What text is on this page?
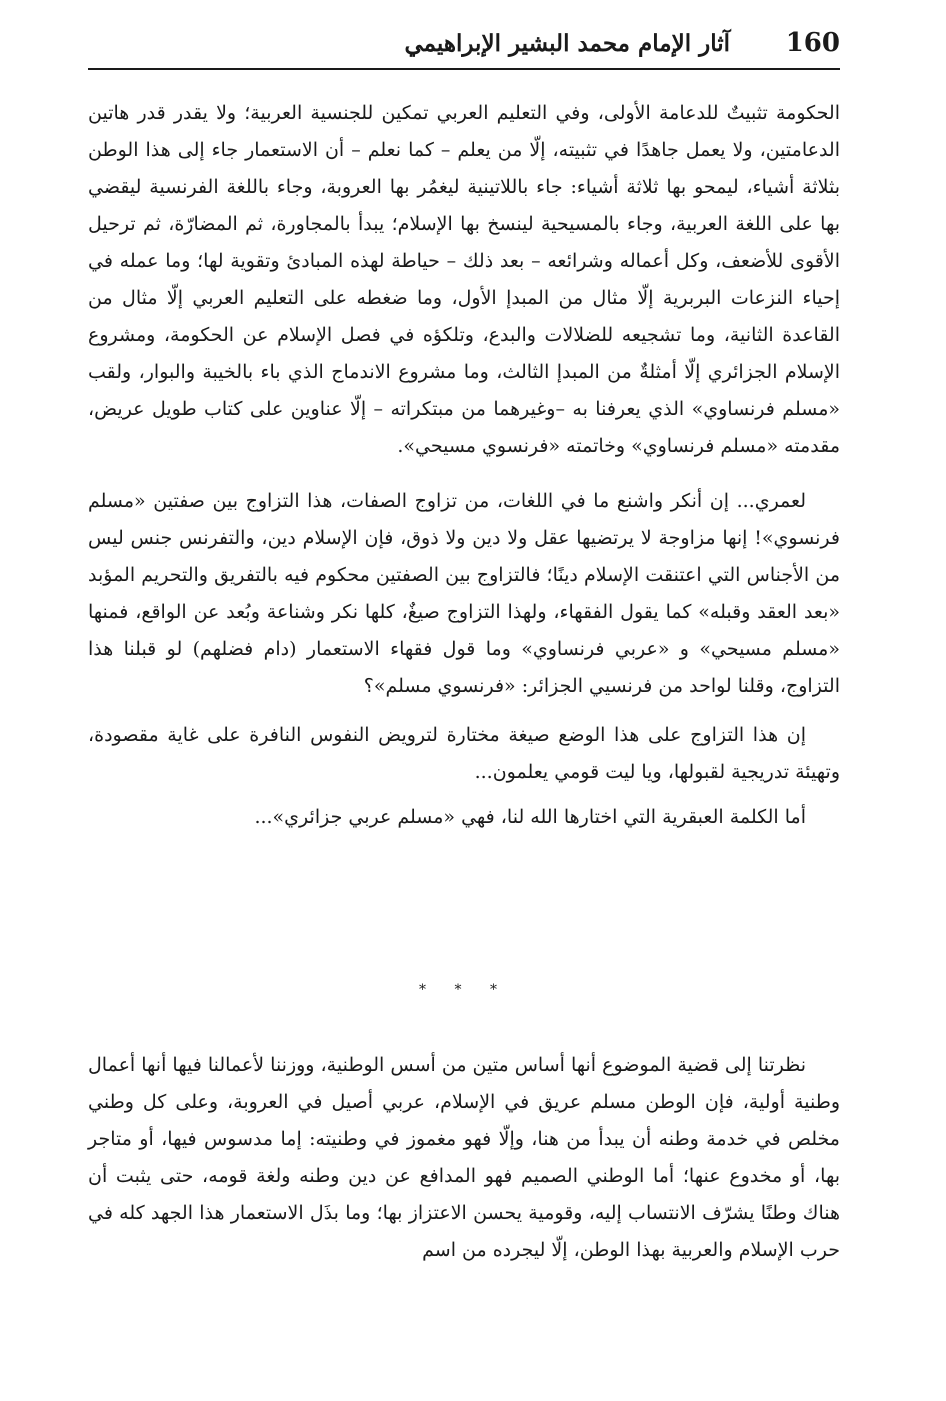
160
آثار الإمام محمد البشير الإبراهيمي

الحكومة تثبيتٌ للدعامة الأولى، وفي التعليم العربي تمكين للجنسية العربية؛ ولا يقدر قدر هاتين الدعامتين، ولا يعمل جاهدًا في تثبيته، إلّا من يعلم – كما نعلم – أن الاستعمار جاء إلى هذا الوطن بثلاثة أشياء، ليمحو بها ثلاثة أشياء: جاء باللاتينية ليغمُر بها العروبة، وجاء باللغة الفرنسية ليقضي بها على اللغة العربية، وجاء بالمسيحية لينسخ بها الإسلام؛ يبدأ بالمجاورة، ثم المضارّة، ثم ترحيل الأقوى للأضعف، وكل أعماله وشرائعه – بعد ذلك – حياطة لهذه المبادئ وتقوية لها؛ وما عمله في إحياء النزعات البربرية إلّا مثال من المبدإ الأول، وما ضغطه على التعليم العربي إلّا مثال من القاعدة الثانية، وما تشجيعه للضلالات والبدع، وتلكؤه في فصل الإسلام عن الحكومة، ومشروع الإسلام الجزائري إلّا أمثلةٌ من المبدإ الثالث، وما مشروع الاندماج الذي باء بالخيبة والبوار، ولقب «مسلم فرنساوي» الذي يعرفنا به –وغيرهما من مبتكراته – إلّا عناوين على كتاب طويل عريض، مقدمته «مسلم فرنساوي» وخاتمته «فرنسوي مسيحي».

لعمري... إن أنكر واشنع ما في اللغات، من تزاوج الصفات، هذا التزاوج بين صفتين «مسلم فرنسوي»! إنها مزاوجة لا يرتضيها عقل ولا دين ولا ذوق، فإن الإسلام دين، والتفرنس جنس ليس من الأجناس التي اعتنقت الإسلام دينًا؛ فالتزاوج بين الصفتين محكوم فيه بالتفريق والتحريم المؤبد «بعد العقد وقبله» كما يقول الفقهاء، ولهذا التزاوج صيغٌ، كلها نكر وشناعة وبُعد عن الواقع، فمنها «مسلم مسيحي» و «عربي فرنساوي» وما قول فقهاء الاستعمار (دام فضلهم) لو قبلنا هذا التزاوج، وقلنا لواحد من فرنسيي الجزائر: «فرنسوي مسلم»؟

إن هذا التزاوج على هذا الوضع صيغة مختارة لترويض النفوس النافرة على غاية مقصودة، وتهيئة تدريجية لقبولها، ويا ليت قومي يعلمون...

أما الكلمة العبقرية التي اختارها الله لنا، فهي «مسلم عربي جزائري»...

* * *

نظرتنا إلى قضية الموضوع أنها أساس متين من أسس الوطنية، ووزننا لأعمالنا فيها أنها أعمال وطنية أولية، فإن الوطن مسلم عريق في الإسلام، عربي أصيل في العروبة، وعلى كل وطني مخلص في خدمة وطنه أن يبدأ من هنا، وإلّا فهو مغموز في وطنيته: إما مدسوس فيها، أو متاجر بها، أو مخدوع عنها؛ أما الوطني الصميم فهو المدافع عن دين وطنه ولغة قومه، حتى يثبت أن هناك وطنًا يشرّف الانتساب إليه، وقومية يحسن الاعتزاز بها؛ وما بذَل الاستعمار هذا الجهد كله في حرب الإسلام والعربية بهذا الوطن، إلّا ليجرده من اسم
